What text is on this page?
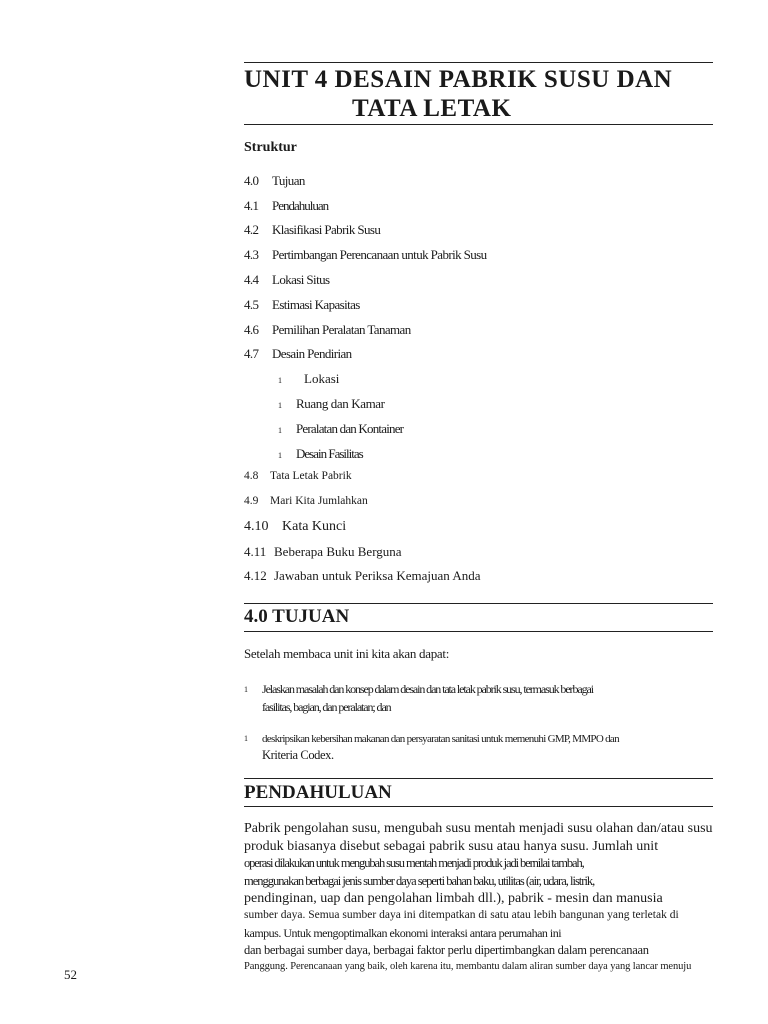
UNIT 4 DESAIN PABRIK SUSU DAN
TATA LETAK
Struktur
4.0 Tujuan
4.1 Pendahuluan
4.2 Klasifikasi Pabrik Susu
4.3 Pertimbangan Perencanaan untuk Pabrik Susu
4.4 Lokasi Situs
4.5 Estimasi Kapasitas
4.6 Pemilihan Peralatan Tanaman
4.7 Desain Pendirian
1 Lokasi
1 Ruang dan Kamar
1 Peralatan dan Kontainer
1 Desain Fasilitas
4.8 Tata Letak Pabrik
4.9 Mari Kita Jumlahkan
4.10 Kata Kunci
4.11 Beberapa Buku Berguna
4.12 Jawaban untuk Periksa Kemajuan Anda
4.0 TUJUAN
Setelah membaca unit ini kita akan dapat:
1 Jelaskan masalah dan konsep dalam desain dan tata letak pabrik susu, termasuk berbagai
fasilitas, bagian, dan peralatan; dan
1 deskripsikan kebersihan makanan dan persyaratan sanitasi untuk memenuhi GMP, MMPO dan
Kriteria Codex.
PENDAHULUAN
Pabrik pengolahan susu, mengubah susu mentah menjadi susu olahan dan/atau susu
produk biasanya disebut sebagai pabrik susu atau hanya susu. Jumlah unit
operasi dilakukan untuk mengubah susu mentah menjadi produk jadi bernilai tambah,
menggunakan berbagai jenis sumber daya seperti bahan baku, utilitas (air, udara, listrik,
pendinginan, uap dan pengolahan limbah dll.), pabrik - mesin dan manusia
sumber daya. Semua sumber daya ini ditempatkan di satu atau lebih bangunan yang terletak di
kampus. Untuk mengoptimalkan ekonomi interaksi antara perumahan ini
dan berbagai sumber daya, berbagai faktor perlu dipertimbangkan dalam perencanaan
Panggung. Perencanaan yang baik, oleh karena itu, membantu dalam aliran sumber daya yang lancar menuju
52
